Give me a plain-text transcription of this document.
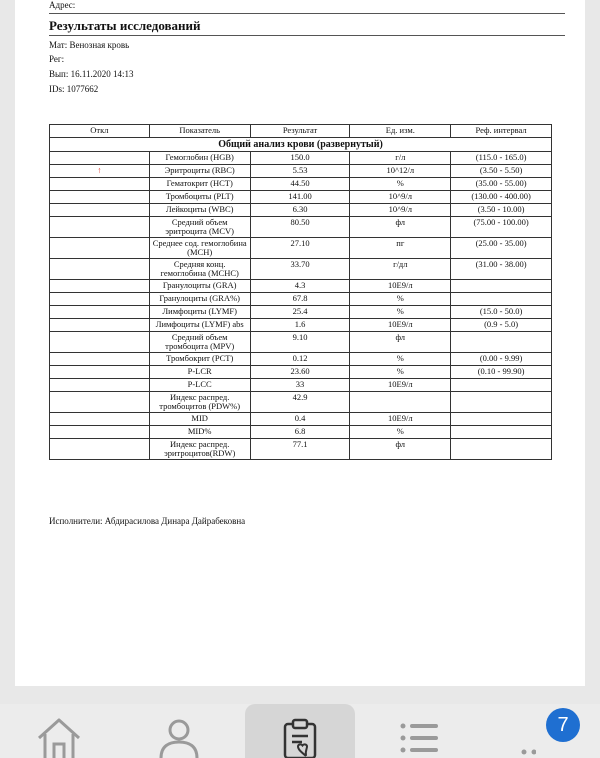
Адрес:
Результаты исследований
Мат: Венозная кровь
Рег:
Вып: 16.11.2020 14:13
IDs: 1077662
Откл	Показатель	Результат	Ед. изм.	Реф. интервал
Общий анализ крови (развернутый)				
	Гемоглобин (HGB)	150.0	г/л	(115.0 - 165.0)
↑	Эритроциты (RBC)	5.53	10^12/л	(3.50 - 5.50)
	Гематокрит (HCT)	44.50	%	(35.00 - 55.00)
	Тромбоциты (PLT)	141.00	10^9/л	(130.00 - 400.00)
	Лейкоциты (WBC)	6.30	10^9/л	(3.50 - 10.00)
	Средний объем эритроцита (MCV)	80.50	фл	(75.00 - 100.00)
	Среднее сод. гемоглобина (MCH)	27.10	пг	(25.00 - 35.00)
	Средняя конц. гемоглобина (MCHC)	33.70	г/дл	(31.00 - 38.00)
	Гранулоциты (GRA)	4.3	10E9/л	
	Гранулоциты (GRA%)	67.8	%	
	Лимфоциты (LYMF)	25.4	%	(15.0 - 50.0)
	Лимфоциты (LYMF) abs	1.6	10E9/л	(0.9 - 5.0)
	Средний объем тромбоцита (MPV)	9.10	фл	
	Тромбокрит (PCT)	0.12	%	(0.00 - 9.99)
	P-LCR	23.60	%	(0.10 - 99.90)
	P-LCC	33	10E9/л	
	Индекс распред. тромбоцитов (PDW%)	42.9		
	MID	0.4	10E9/л	
	MID%	6.8	%	
	Индекс распред. эритроцитов(RDW)	77.1	фл	
Исполнители: Абдирасилова Динара Дайрабековна
7
